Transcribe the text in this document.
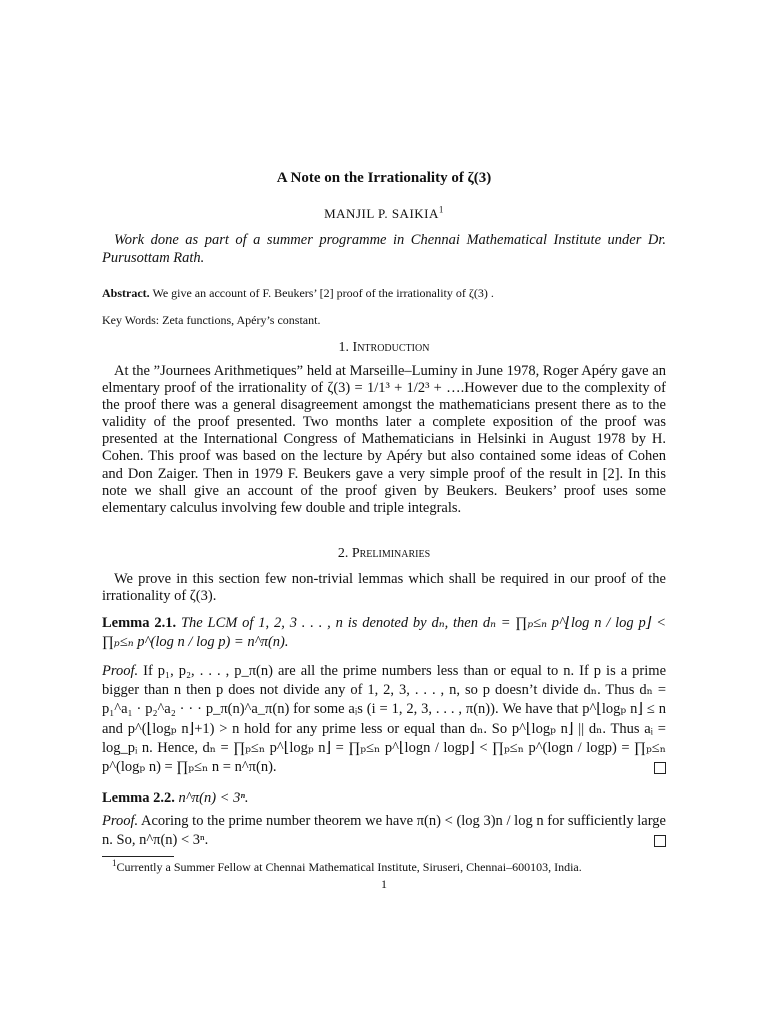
A Note on the Irrationality of ζ(3)
MANJIL P. SAIKIA$^1$
Work done as part of a summer programme in Chennai Mathematical Institute under Dr. Purusottam Rath.
Abstract. We give an account of F. Beukers’ [2] proof of the irrationality of ζ(3) .
Key Words: Zeta functions, Apéry’s constant.
1. Introduction
At the ”Journees Arithmetiques” held at Marseille–Luminy in June 1978, Roger Apéry gave an elmentary proof of the irrationality of ζ(3) = 1/1³ + 1/2³ + ….However due to the complexity of the proof there was a general disagreement amongst the mathematicians present there as to the validity of the proof presented. Two months later a complete exposition of the proof was presented at the International Congress of Mathematicians in Helsinki in August 1978 by H. Cohen. This proof was based on the lecture by Apéry but also contained some ideas of Cohen and Don Zaiger. Then in 1979 F. Beukers gave a very simple proof of the result in [2]. In this note we shall give an account of the proof given by Beukers. Beukers’ proof uses some elementary calculus involving few double and triple integrals.
2. Preliminaries
We prove in this section few non-trivial lemmas which shall be required in our proof of the irrationality of ζ(3).
Lemma 2.1. The LCM of 1, 2, 3 . . . , n is denoted by dₙ, then dₙ = ∏ₚ≤ₙ p^⌊log n / log p⌋ < ∏ₚ≤ₙ p^(log n / log p) = n^π(n).
Proof. If p₁, p₂, . . . , p_π(n) are all the prime numbers less than or equal to n. If p is a prime bigger than n then p does not divide any of 1, 2, 3, . . . , n, so p doesn’t divide dₙ. Thus dₙ = p₁^a₁ · p₂^a₂ · · · p_π(n)^a_π(n) for some aᵢs (i = 1, 2, 3, . . . , π(n)). We have that p^⌊logₚ n⌋ ≤ n and p^(⌊logₚ n⌋+1) > n hold for any prime less or equal than dₙ. So p^⌊logₚ n⌋ || dₙ. Thus aᵢ = log_pᵢ n. Hence, dₙ = ∏ₚ≤ₙ p^⌊logₚ n⌋ = ∏ₚ≤ₙ p^⌊logn / logp⌋ < ∏ₚ≤ₙ p^(logn / logp) = ∏ₚ≤ₙ p^(logₚ n) = ∏ₚ≤ₙ n = n^π(n).
Lemma 2.2. n^π(n) < 3ⁿ.
Proof. Acoring to the prime number theorem we have π(n) < (log 3)n / log n for sufficiently large n. So, n^π(n) < 3ⁿ.
$^1$Currently a Summer Fellow at Chennai Mathematical Institute, Siruseri, Chennai–600103, India.
1
